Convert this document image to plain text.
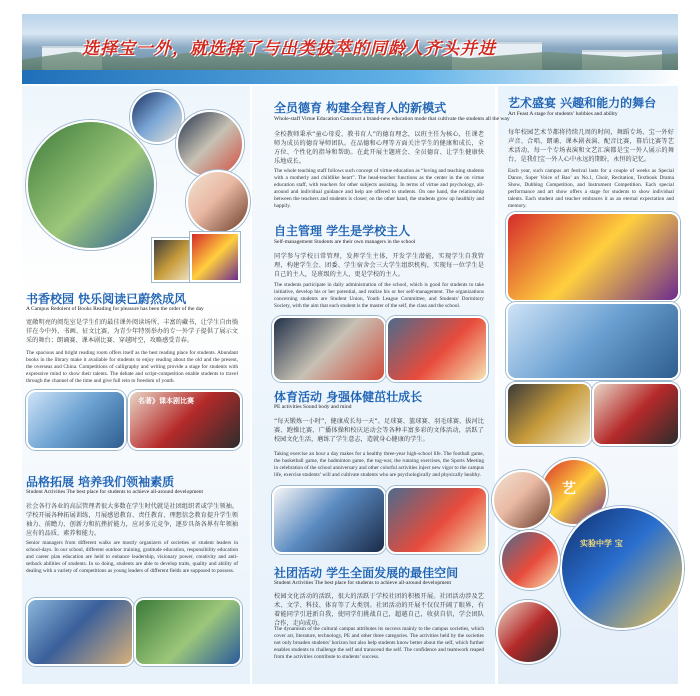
选择宝一外，就选择了与出类拔萃的同龄人齐头并进
书香校园 快乐阅读已蔚然成风
A Campus Redolent of Books Reading for pleasure has been the order of the day
宽敞明亮的阅览室是学生们的最佳课外阅读场所，丰富的藏书，让学生自由徜徉在今中外、书画、征文比赛、为青少年特别举办的专一外学子提供了展示文采的舞台；朗诵赛、课本剧比赛、穿越时空，攻略感受青春。
The spacious and bright reading room offers itself as the best reading place for students. Abundant books in the library make it available for students to enjoy reading about the old and the present, the overseas and China. Competitions of calligraphy and writing provide a stage for students with expressive mind to show their talents. The debate and script-competition enable students to travel through the channel of the time and give full rein to freedom of youth.
名著》课本剧比赛
品格拓展 培养我们领袖素质
Student Activities The best place for students to achieve all-around development
社会各行各业的高层管理者很大多数在学生时代就是社团组织者或学生领袖。学校开展各种拓展训练，月展感恩教育、责任教育、理想信念教育提升学生领袖力、前瞻力、创新力和抗挫折能力，应对多元竞争，逐步具备各界有年领袖应有的品质、素养和能力。
Senior managers from different walks are mostly organizers of societies or student leaders in school-days. In our school, different outdoor training, gratitude education, responsibility education and career plan education are held to enhance leadership, visionary power, creativity and anti-setback abilities of students. In so doing, students are able to develop traits, quality and ability of dealing with a variety of competitions as young leaders of different fields are supposed to possess.
全员德育 构建全程育人的新模式
Whole-staff Virtue Education Construct a brand-new education mode that cultivate the students all the way
全校教师秉承“童心母爱、教书育人”的德育理念，以班主任为核心，任课老师为成员的德育导师团队。在品德和心理等方面关注学生的健康和成长，全方位、个性化的指导和帮助。在此开展主题班会、全员德育、让学生健康快乐地成长。
The whole teaching staff follows such concept of virtue education as “loving and teaching students with a motherly and childlike heart”. The head-teacher functions as the center in the on virtue education staff, with teachers for other subjects assisting. In terms of virtue and psychology, all-around and individual guidance and help are offered to students. On one hand, the relationship between the teachers and students is closer; on the other hand, the students grow up healthily and happily.
自主管理 学生是学校主人
Self-management Students are their own managers in the school
同学参与学校日常管理，发挥学生主体，开发学生潜能，实现学生自我管理，构建学生会、团委、学生宿舍会三大学生组织机构，实现每一位学生是自己的主人，是班级的主人，更是学校的主人。
The students participate in daily administration of the school, which is good for students to take initiative, develop his or her potential, and realize his or her self-management. The organizations concerning students are Student Union, Youth League Committee, and Students' Dormitory Society, with the aim that each student is the master of the self, the class and the school.
体育活动 身强体健茁壮成长
PE activities Sound body and mind
“每天锻炼一小时”，健康成长每一天”。足球赛、篮球赛、羽毛球赛、拔河比赛、跑操比赛、广播体操和校庆运动会等各种丰富多彩的文体活动，活跃了校园文化生活，磨练了学生意志，造就身心健康的学生。
Taking exercise an hour a day makes for a healthy three-year high-school life. The football game, the basketball game, the badminton game, the tug-war, the running exercises, the Sports Meeting in celebration of the school anniversary and other colorful activities inject new vigor to the campus life, exercise students’ will and cultivate students who are psychologically and physically healthy.
社团活动 学生全面发展的最佳空间
Student Activities The best place for students to achieve all-around development
校园文化活动的活跃，很大的活跃于学校社团的积极开展。社团活动涉及艺术、文学、科技、体育等了大类别。社团活动的开展不仅仅开阔了眼界，有着能同学引进新自我，使同学们挑战自己，超越自己，收获自信，学会团队合作，走向成功。
The dynamism of the cultural campus attributes its success mainly to the campus societies, which cover art, literature, technology, PE and other three categories. The activities held by the societies not only broaden students’ horizon but also help students know better about the self, which further enables students to challenge the self and transcend the self. The confidence and teamwork reaped from the activities contribute to students’ success.
艺术盛宴 兴趣和能力的舞台
Art Feast A stage for students’ hobbies and ability
每年校园艺术节都将持续几周的时间，舞蹈专场、宝一外好声音、合唱、朗诵、课本剧表演、配音比赛，幕后比赛等艺术活动，每一个专场表演和文艺汇演都是宝一外人展示的舞台，是我们宝一外人心中永远的期盼，永恒的记忆。
Each year, such campus art festival lasts for a couple of weeks as Special Dance, Super Voice of Bao’ an No.1, Choir, Recitation, Textbook Drama Show, Dubbing Competition, and Instrument Competition. Each special performance and art show offers a stage for students to show individual talents. Each student and teacher embraces it as an eternal expectation and memory.
艺
实验中学 宝
